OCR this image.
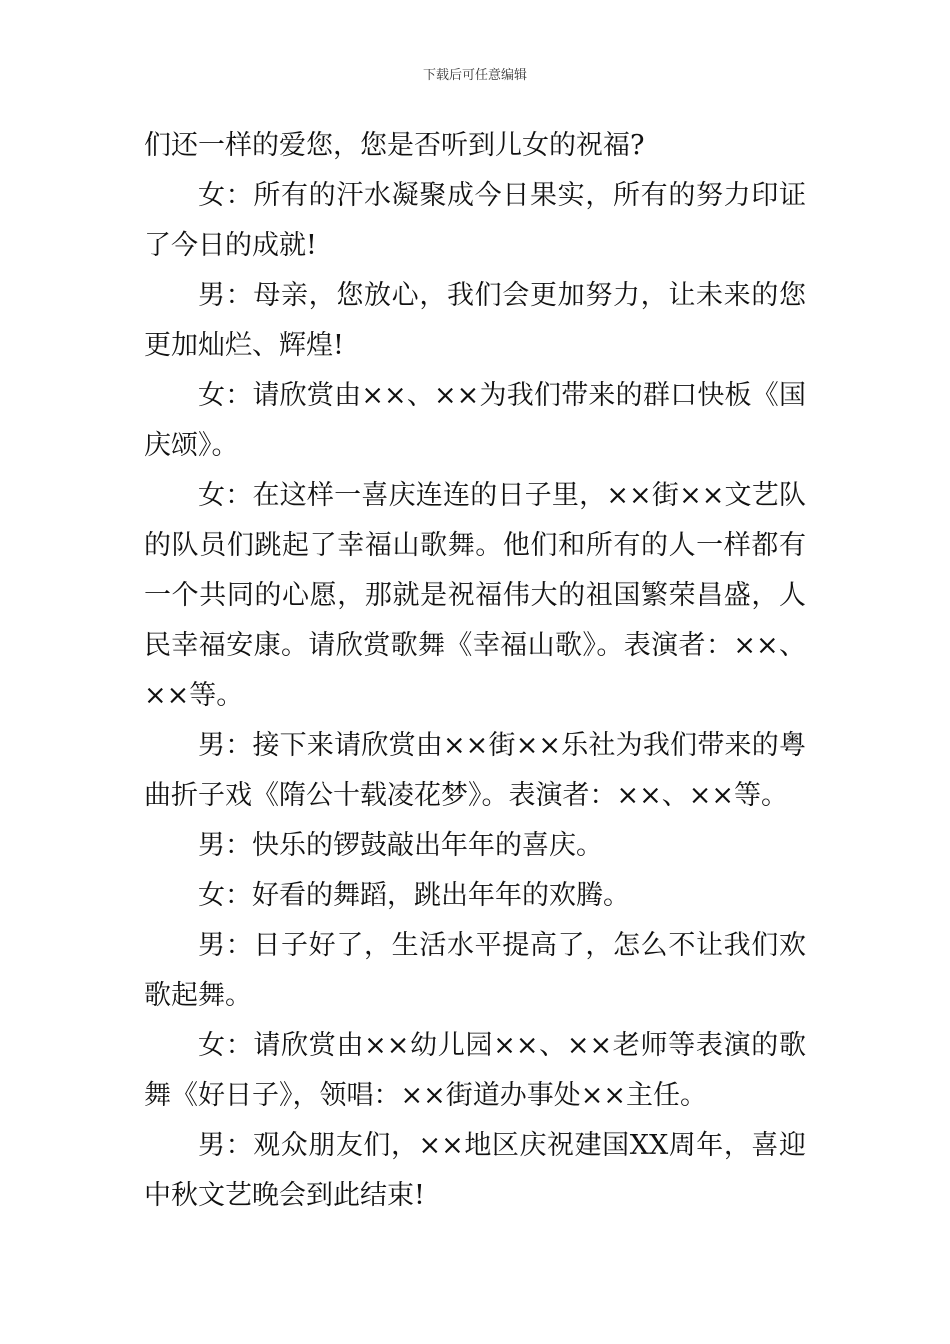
下载后可任意编辑

们还一样的爱您，您是否听到儿女的祝福?

女：所有的汗水凝聚成今日果实，所有的努力印证了今日的成就!

男：母亲，您放心，我们会更加努力，让未来的您更加灿烂、辉煌!

女：请欣赏由××、××为我们带来的群口快板《国庆颂》。

女：在这样一喜庆连连的日子里，××街××文艺队的队员们跳起了幸福山歌舞。他们和所有的人一样都有一个共同的心愿，那就是祝福伟大的祖国繁荣昌盛，人民幸福安康。请欣赏歌舞《幸福山歌》。表演者：××、××等。

男：接下来请欣赏由××街××乐社为我们带来的粤曲折子戏《隋公十载凌花梦》。表演者：××、××等。

男：快乐的锣鼓敲出年年的喜庆。

女：好看的舞蹈，跳出年年的欢腾。

男：日子好了，生活水平提高了，怎么不让我们欢歌起舞。

女：请欣赏由××幼儿园××、××老师等表演的歌舞《好日子》，领唱：××街道办事处××主任。

男：观众朋友们，××地区庆祝建国XX周年，喜迎中秋文艺晚会到此结束!
